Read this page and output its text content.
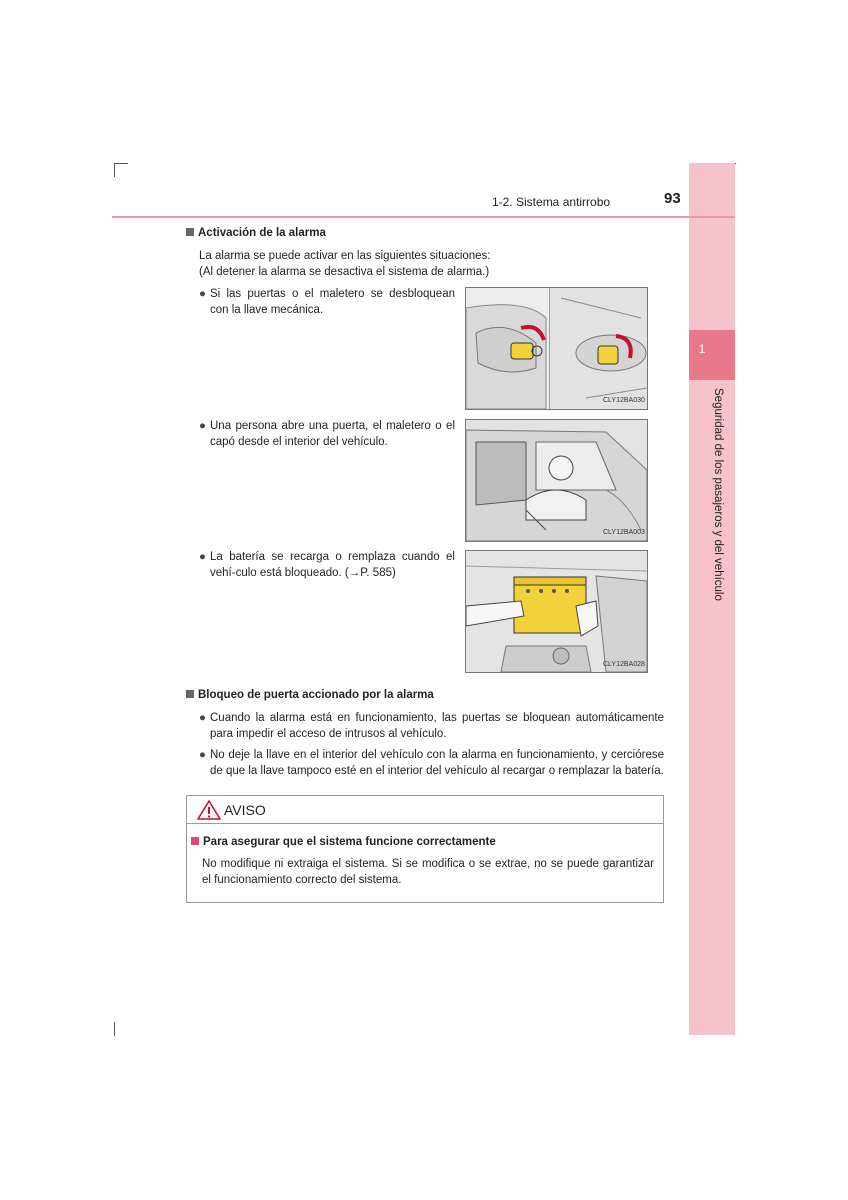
1
Seguridad de los pasajeros y del vehículo
1-2. Sistema antirrobo	93
Activación de la alarma
La alarma se puede activar en las siguientes situaciones:
(Al detener la alarma se desactiva el sistema de alarma.)
● Si las puertas o el maletero se desbloquean con la llave mecánica.
CLY12BA030
● Una persona abre una puerta, el maletero o el capó desde el interior del vehículo.
CLY12BA003
● La batería se recarga o remplaza cuando el vehí-culo está bloqueado. (→P. 585)
CLY12BA028
Bloqueo de puerta accionado por la alarma
● Cuando la alarma está en funcionamiento, las puertas se bloquean automáticamente para impedir el acceso de intrusos al vehículo.
● No deje la llave en el interior del vehículo con la alarma en funcionamiento, y cerciórese de que la llave tampoco esté en el interior del vehículo al recargar o remplazar la batería.
AVISO
Para asegurar que el sistema funcione correctamente
No modifique ni extraiga el sistema. Si se modifica o se extrae, no se puede garantizar el funcionamiento correcto del sistema.
